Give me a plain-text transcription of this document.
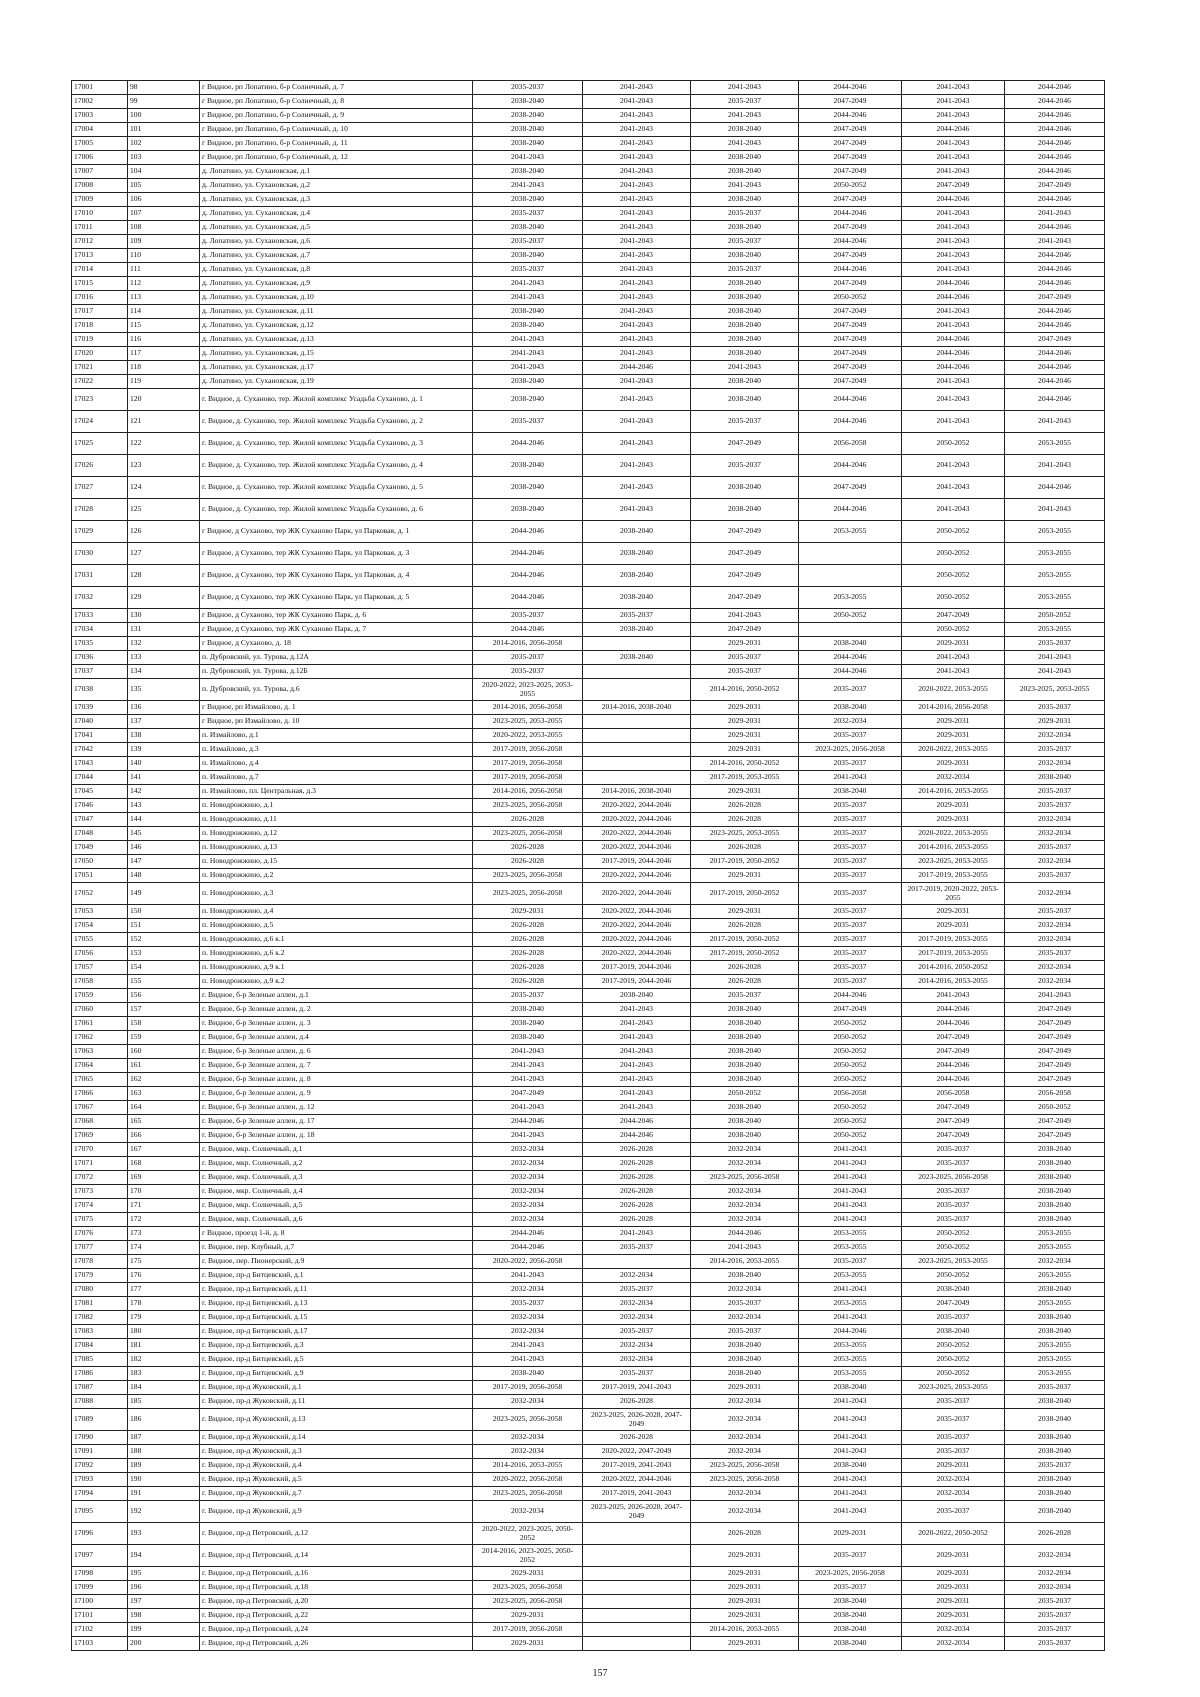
17001	98	г Видное, рп Лопатино, б-р Солнечный, д. 7	2035-2037	2041-2043	2041-2043	2044-2046	2041-2043	2044-2046
17002	99	г Видное, рп Лопатино, б-р Солнечный, д. 8	2038-2040	2041-2043	2035-2037	2047-2049	2041-2043	2044-2046
17003	100	г Видное, рп Лопатино, б-р Солнечный, д. 9	2038-2040	2041-2043	2041-2043	2044-2046	2041-2043	2044-2046
17004	101	г Видное, рп Лопатино, б-р Солнечный, д. 10	2038-2040	2041-2043	2038-2040	2047-2049	2044-2046	2044-2046
17005	102	г Видное, рп Лопатино, б-р Солнечный, д. 11	2038-2040	2041-2043	2041-2043	2047-2049	2041-2043	2044-2046
17006	103	г Видное, рп Лопатино, б-р Солнечный, д. 12	2041-2043	2041-2043	2038-2040	2047-2049	2041-2043	2044-2046
17007	104	д. Лопатино, ул. Сухановская, д.1	2038-2040	2041-2043	2038-2040	2047-2049	2041-2043	2044-2046
17008	105	д. Лопатино, ул. Сухановская, д.2	2041-2043	2041-2043	2041-2043	2050-2052	2047-2049	2047-2049
17009	106	д. Лопатино, ул. Сухановская, д.3	2038-2040	2041-2043	2038-2040	2047-2049	2044-2046	2044-2046
17010	107	д. Лопатино, ул. Сухановская, д.4	2035-2037	2041-2043	2035-2037	2044-2046	2041-2043	2041-2043
17011	108	д. Лопатино, ул. Сухановская, д.5	2038-2040	2041-2043	2038-2040	2047-2049	2041-2043	2044-2046
17012	109	д. Лопатино, ул. Сухановская, д.6	2035-2037	2041-2043	2035-2037	2044-2046	2041-2043	2041-2043
17013	110	д. Лопатино, ул. Сухановская, д.7	2038-2040	2041-2043	2038-2040	2047-2049	2041-2043	2044-2046
17014	111	д. Лопатино, ул. Сухановская, д.8	2035-2037	2041-2043	2035-2037	2044-2046	2041-2043	2044-2046
17015	112	д. Лопатино, ул. Сухановская, д.9	2041-2043	2041-2043	2038-2040	2047-2049	2044-2046	2044-2046
17016	113	д. Лопатино, ул. Сухановская, д.10	2041-2043	2041-2043	2038-2040	2050-2052	2044-2046	2047-2049
17017	114	д. Лопатино, ул. Сухановская, д.11	2038-2040	2041-2043	2038-2040	2047-2049	2041-2043	2044-2046
17018	115	д. Лопатино, ул. Сухановская, д.12	2038-2040	2041-2043	2038-2040	2047-2049	2041-2043	2044-2046
17019	116	д. Лопатино, ул. Сухановская, д.13	2041-2043	2041-2043	2038-2040	2047-2049	2044-2046	2047-2049
17020	117	д. Лопатино, ул. Сухановская, д.15	2041-2043	2041-2043	2038-2040	2047-2049	2044-2046	2044-2046
17021	118	д. Лопатино, ул. Сухановская, д.17	2041-2043	2044-2046	2041-2043	2047-2049	2044-2046	2044-2046
17022	119	д. Лопатино, ул. Сухановская, д.19	2038-2040	2041-2043	2038-2040	2047-2049	2041-2043	2044-2046
17023	120	г. Видное, д. Суханово, тер. Жилой комплекс Усадьба Суханово, д. 1	2038-2040	2041-2043	2038-2040	2044-2046	2041-2043	2044-2046
17024	121	г. Видное, д. Суханово, тер. Жилой комплекс Усадьба Суханово, д. 2	2035-2037	2041-2043	2035-2037	2044-2046	2041-2043	2041-2043
17025	122	г. Видное, д. Суханово, тер. Жилой комплекс Усадьба Суханово, д. 3	2044-2046	2041-2043	2047-2049	2056-2058	2050-2052	2053-2055
17026	123	г. Видное, д. Суханово, тер. Жилой комплекс Усадьба Суханово, д. 4	2038-2040	2041-2043	2035-2037	2044-2046	2041-2043	2041-2043
17027	124	г. Видное, д. Суханово, тер. Жилой комплекс Усадьба Суханово, д. 5	2038-2040	2041-2043	2038-2040	2047-2049	2041-2043	2044-2046
17028	125	г. Видное, д. Суханово, тер. Жилой комплекс Усадьба Суханово, д. 6	2038-2040	2041-2043	2038-2040	2044-2046	2041-2043	2041-2043
17029	126	г Видное, д Суханово, тер ЖК Суханово Парк, ул Парковая, д. 1	2044-2046	2038-2040	2047-2049	2053-2055	2050-2052	2053-2055
17030	127	г Видное, д Суханово, тер ЖК Суханово Парк, ул Парковая, д. 3	2044-2046	2038-2040	2047-2049		2050-2052	2053-2055
17031	128	г Видное, д Суханово, тер ЖК Суханово Парк, ул Парковая, д. 4	2044-2046	2038-2040	2047-2049		2050-2052	2053-2055
17032	129	г Видное, д Суханово, тер ЖК Суханово Парк, ул Парковая, д. 5	2044-2046	2038-2040	2047-2049	2053-2055	2050-2052	2053-2055
17033	130	г Видное, д Суханово, тер ЖК Суханово Парк, д. 6	2035-2037	2035-2037	2041-2043	2050-2052	2047-2049	2050-2052
17034	131	г Видное, д Суханово, тер ЖК Суханово Парк, д. 7	2044-2046	2038-2040	2047-2049		2050-2052	2053-2055
17035	132	г Видное, д Суханово, д. 18	2014-2016, 2056-2058		2029-2031	2038-2040	2029-2031	2035-2037
17036	133	п. Дубровский, ул. Турова, д.12А	2035-2037	2038-2040	2035-2037	2044-2046	2041-2043	2041-2043
17037	134	п. Дубровский, ул. Турова, д.12Б	2035-2037		2035-2037	2044-2046	2041-2043	2041-2043
17038	135	п. Дубровский, ул. Турова, д.6	2020-2022, 2023-2025, 2053-2055		2014-2016, 2050-2052	2035-2037	2020-2022, 2053-2055	2023-2025, 2053-2055
17039	136	г Видное, рп Измайлово, д. 1	2014-2016, 2056-2058	2014-2016, 2038-2040	2029-2031	2038-2040	2014-2016, 2056-2058	2035-2037
17040	137	г Видное, рп Измайлово, д. 10	2023-2025, 2053-2055		2029-2031	2032-2034	2029-2031	2029-2031
17041	138	п. Измайлово, д.1	2020-2022, 2053-2055		2029-2031	2035-2037	2029-2031	2032-2034
17042	139	п. Измайлово, д.3	2017-2019, 2056-2058		2029-2031	2023-2025, 2056-2058	2020-2022, 2053-2055	2035-2037
17043	140	п. Измайлово, д.4	2017-2019, 2056-2058		2014-2016, 2050-2052	2035-2037	2029-2031	2032-2034
17044	141	п. Измайлово, д.7	2017-2019, 2056-2058		2017-2019, 2053-2055	2041-2043	2032-2034	2038-2040
17045	142	п. Измайлово, пл. Центральная, д.3	2014-2016, 2056-2058	2014-2016, 2038-2040	2029-2031	2038-2040	2014-2016, 2053-2055	2035-2037
17046	143	п. Новодрожжино, д.1	2023-2025, 2056-2058	2020-2022, 2044-2046	2026-2028	2035-2037	2029-2031	2035-2037
17047	144	п. Новодрожжино, д.11	2026-2028	2020-2022, 2044-2046	2026-2028	2035-2037	2029-2031	2032-2034
17048	145	п. Новодрожжино, д.12	2023-2025, 2056-2058	2020-2022, 2044-2046	2023-2025, 2053-2055	2035-2037	2020-2022, 2053-2055	2032-2034
17049	146	п. Новодрожжино, д.13	2026-2028	2020-2022, 2044-2046	2026-2028	2035-2037	2014-2016, 2053-2055	2035-2037
17050	147	п. Новодрожжино, д.15	2026-2028	2017-2019, 2044-2046	2017-2019, 2050-2052	2035-2037	2023-2025, 2053-2055	2032-2034
17051	148	п. Новодрожжино, д.2	2023-2025, 2056-2058	2020-2022, 2044-2046	2029-2031	2035-2037	2017-2019, 2053-2055	2035-2037
17052	149	п. Новодрожжино, д.3	2023-2025, 2056-2058	2020-2022, 2044-2046	2017-2019, 2050-2052	2035-2037	2017-2019, 2020-2022, 2053-2055	2032-2034
17053	150	п. Новодрожжино, д.4	2029-2031	2020-2022, 2044-2046	2029-2031	2035-2037	2029-2031	2035-2037
17054	151	п. Новодрожжино, д.5	2026-2028	2020-2022, 2044-2046	2026-2028	2035-2037	2029-2031	2032-2034
17055	152	п. Новодрожжино, д.6 к.1	2026-2028	2020-2022, 2044-2046	2017-2019, 2050-2052	2035-2037	2017-2019, 2053-2055	2032-2034
17056	153	п. Новодрожжино, д.6 к.2	2026-2028	2020-2022, 2044-2046	2017-2019, 2050-2052	2035-2037	2017-2019, 2053-2055	2035-2037
17057	154	п. Новодрожжино, д.9 к.1	2026-2028	2017-2019, 2044-2046	2026-2028	2035-2037	2014-2016, 2050-2052	2032-2034
17058	155	п. Новодрожжино, д.9 к.2	2026-2028	2017-2019, 2044-2046	2026-2028	2035-2037	2014-2016, 2053-2055	2032-2034
17059	156	г. Видное, б-р Зеленые аллеи, д.1	2035-2037	2038-2040	2035-2037	2044-2046	2041-2043	2041-2043
17060	157	г. Видное, б-р Зеленые аллеи, д. 2	2038-2040	2041-2043	2038-2040	2047-2049	2044-2046	2047-2049
17061	158	г. Видное, б-р Зеленые аллеи, д. 3	2038-2040	2041-2043	2038-2040	2050-2052	2044-2046	2047-2049
17062	159	г. Видное, б-р Зеленые аллеи, д.4	2038-2040	2041-2043	2038-2040	2050-2052	2047-2049	2047-2049
17063	160	г. Видное, б-р Зеленые аллеи, д. 6	2041-2043	2041-2043	2038-2040	2050-2052	2047-2049	2047-2049
17064	161	г. Видное, б-р Зеленые аллеи, д. 7	2041-2043	2041-2043	2038-2040	2050-2052	2044-2046	2047-2049
17065	162	г. Видное, б-р Зеленые аллеи, д. 8	2041-2043	2041-2043	2038-2040	2050-2052	2044-2046	2047-2049
17066	163	г. Видное, б-р Зеленые аллеи, д. 9	2047-2049	2041-2043	2050-2052	2056-2058	2056-2058	2056-2058
17067	164	г. Видное, б-р Зеленые аллеи, д. 12	2041-2043	2041-2043	2038-2040	2050-2052	2047-2049	2050-2052
17068	165	г. Видное, б-р Зеленые аллеи, д. 17	2044-2046	2044-2046	2038-2040	2050-2052	2047-2049	2047-2049
17069	166	г. Видное, б-р Зеленые аллеи, д. 18	2041-2043	2044-2046	2038-2040	2050-2052	2047-2049	2047-2049
17070	167	г. Видное, мкр. Солнечный, д.1	2032-2034	2026-2028	2032-2034	2041-2043	2035-2037	2038-2040
17071	168	г. Видное, мкр. Солнечный, д.2	2032-2034	2026-2028	2032-2034	2041-2043	2035-2037	2038-2040
17072	169	г. Видное, мкр. Солнечный, д.3	2032-2034	2026-2028	2023-2025, 2056-2058	2041-2043	2023-2025, 2056-2058	2038-2040
17073	170	г. Видное, мкр. Солнечный, д.4	2032-2034	2026-2028	2032-2034	2041-2043	2035-2037	2038-2040
17074	171	г. Видное, мкр. Солнечный, д.5	2032-2034	2026-2028	2032-2034	2041-2043	2035-2037	2038-2040
17075	172	г. Видное, мкр. Солнечный, д.6	2032-2034	2026-2028	2032-2034	2041-2043	2035-2037	2038-2040
17076	173	г Видное, проезд 1-й, д. 8	2044-2046	2041-2043	2044-2046	2053-2055	2050-2052	2053-2055
17077	174	г. Видное, пер. Клубный, д.7	2044-2046	2035-2037	2041-2043	2053-2055	2050-2052	2053-2055
17078	175	г. Видное, пер. Пионерский, д.9	2020-2022, 2056-2058		2014-2016, 2053-2055	2035-2037	2023-2025, 2053-2055	2032-2034
17079	176	г. Видное, пр-д Битцевский, д.1	2041-2043	2032-2034	2038-2040	2053-2055	2050-2052	2053-2055
17080	177	г. Видное, пр-д Битцевский, д.11	2032-2034	2035-2037	2032-2034	2041-2043	2038-2040	2038-2040
17081	178	г. Видное, пр-д Битцевский, д.13	2035-2037	2032-2034	2035-2037	2053-2055	2047-2049	2053-2055
17082	179	г. Видное, пр-д Битцевский, д.15	2032-2034	2032-2034	2032-2034	2041-2043	2035-2037	2038-2040
17083	180	г. Видное, пр-д Битцевский, д.17	2032-2034	2035-2037	2035-2037	2044-2046	2038-2040	2038-2040
17084	181	г. Видное, пр-д Битцевский, д.3	2041-2043	2032-2034	2038-2040	2053-2055	2050-2052	2053-2055
17085	182	г. Видное, пр-д Битцевский, д.5	2041-2043	2032-2034	2038-2040	2053-2055	2050-2052	2053-2055
17086	183	г. Видное, пр-д Битцевский, д.9	2038-2040	2035-2037	2038-2040	2053-2055	2050-2052	2053-2055
17087	184	г. Видное, пр-д Жуковский, д.1	2017-2019, 2056-2058	2017-2019, 2041-2043	2029-2031	2038-2040	2023-2025, 2053-2055	2035-2037
17088	185	г. Видное, пр-д Жуковский, д.11	2032-2034	2026-2028	2032-2034	2041-2043	2035-2037	2038-2040
17089	186	г. Видное, пр-д Жуковский, д.13	2023-2025, 2056-2058	2023-2025, 2026-2028, 2047-2049	2032-2034	2041-2043	2035-2037	2038-2040
17090	187	г. Видное, пр-д Жуковский, д.14	2032-2034	2026-2028	2032-2034	2041-2043	2035-2037	2038-2040
17091	188	г. Видное, пр-д Жуковский, д.3	2032-2034	2020-2022, 2047-2049	2032-2034	2041-2043	2035-2037	2038-2040
17092	189	г. Видное, пр-д Жуковский, д.4	2014-2016, 2053-2055	2017-2019, 2041-2043	2023-2025, 2056-2058	2038-2040	2029-2031	2035-2037
17093	190	г. Видное, пр-д Жуковский, д.5	2020-2022, 2056-2058	2020-2022, 2044-2046	2023-2025, 2056-2058	2041-2043	2032-2034	2038-2040
17094	191	г. Видное, пр-д Жуковский, д.7	2023-2025, 2056-2058	2017-2019, 2041-2043	2032-2034	2041-2043	2032-2034	2038-2040
17095	192	г. Видное, пр-д Жуковский, д.9	2032-2034	2023-2025, 2026-2028, 2047-2049	2032-2034	2041-2043	2035-2037	2038-2040
17096	193	г. Видное, пр-д Петровский, д.12	2020-2022, 2023-2025, 2050-2052		2026-2028	2029-2031	2020-2022, 2050-2052	2026-2028
17097	194	г. Видное, пр-д Петровский, д.14	2014-2016, 2023-2025, 2050-2052		2029-2031	2035-2037	2029-2031	2032-2034
17098	195	г. Видное, пр-д Петровский, д.16	2029-2031		2029-2031	2023-2025, 2056-2058	2029-2031	2032-2034
17099	196	г. Видное, пр-д Петровский, д.18	2023-2025, 2056-2058		2029-2031	2035-2037	2029-2031	2032-2034
17100	197	г. Видное, пр-д Петровский, д.20	2023-2025, 2056-2058		2029-2031	2038-2040	2029-2031	2035-2037
17101	198	г. Видное, пр-д Петровский, д.22	2029-2031		2029-2031	2038-2040	2029-2031	2035-2037
17102	199	г. Видное, пр-д Петровский, д.24	2017-2019, 2056-2058		2014-2016, 2053-2055	2038-2040	2032-2034	2035-2037
17103	200	г. Видное, пр-д Петровский, д.26	2029-2031		2029-2031	2038-2040	2032-2034	2035-2037
157
